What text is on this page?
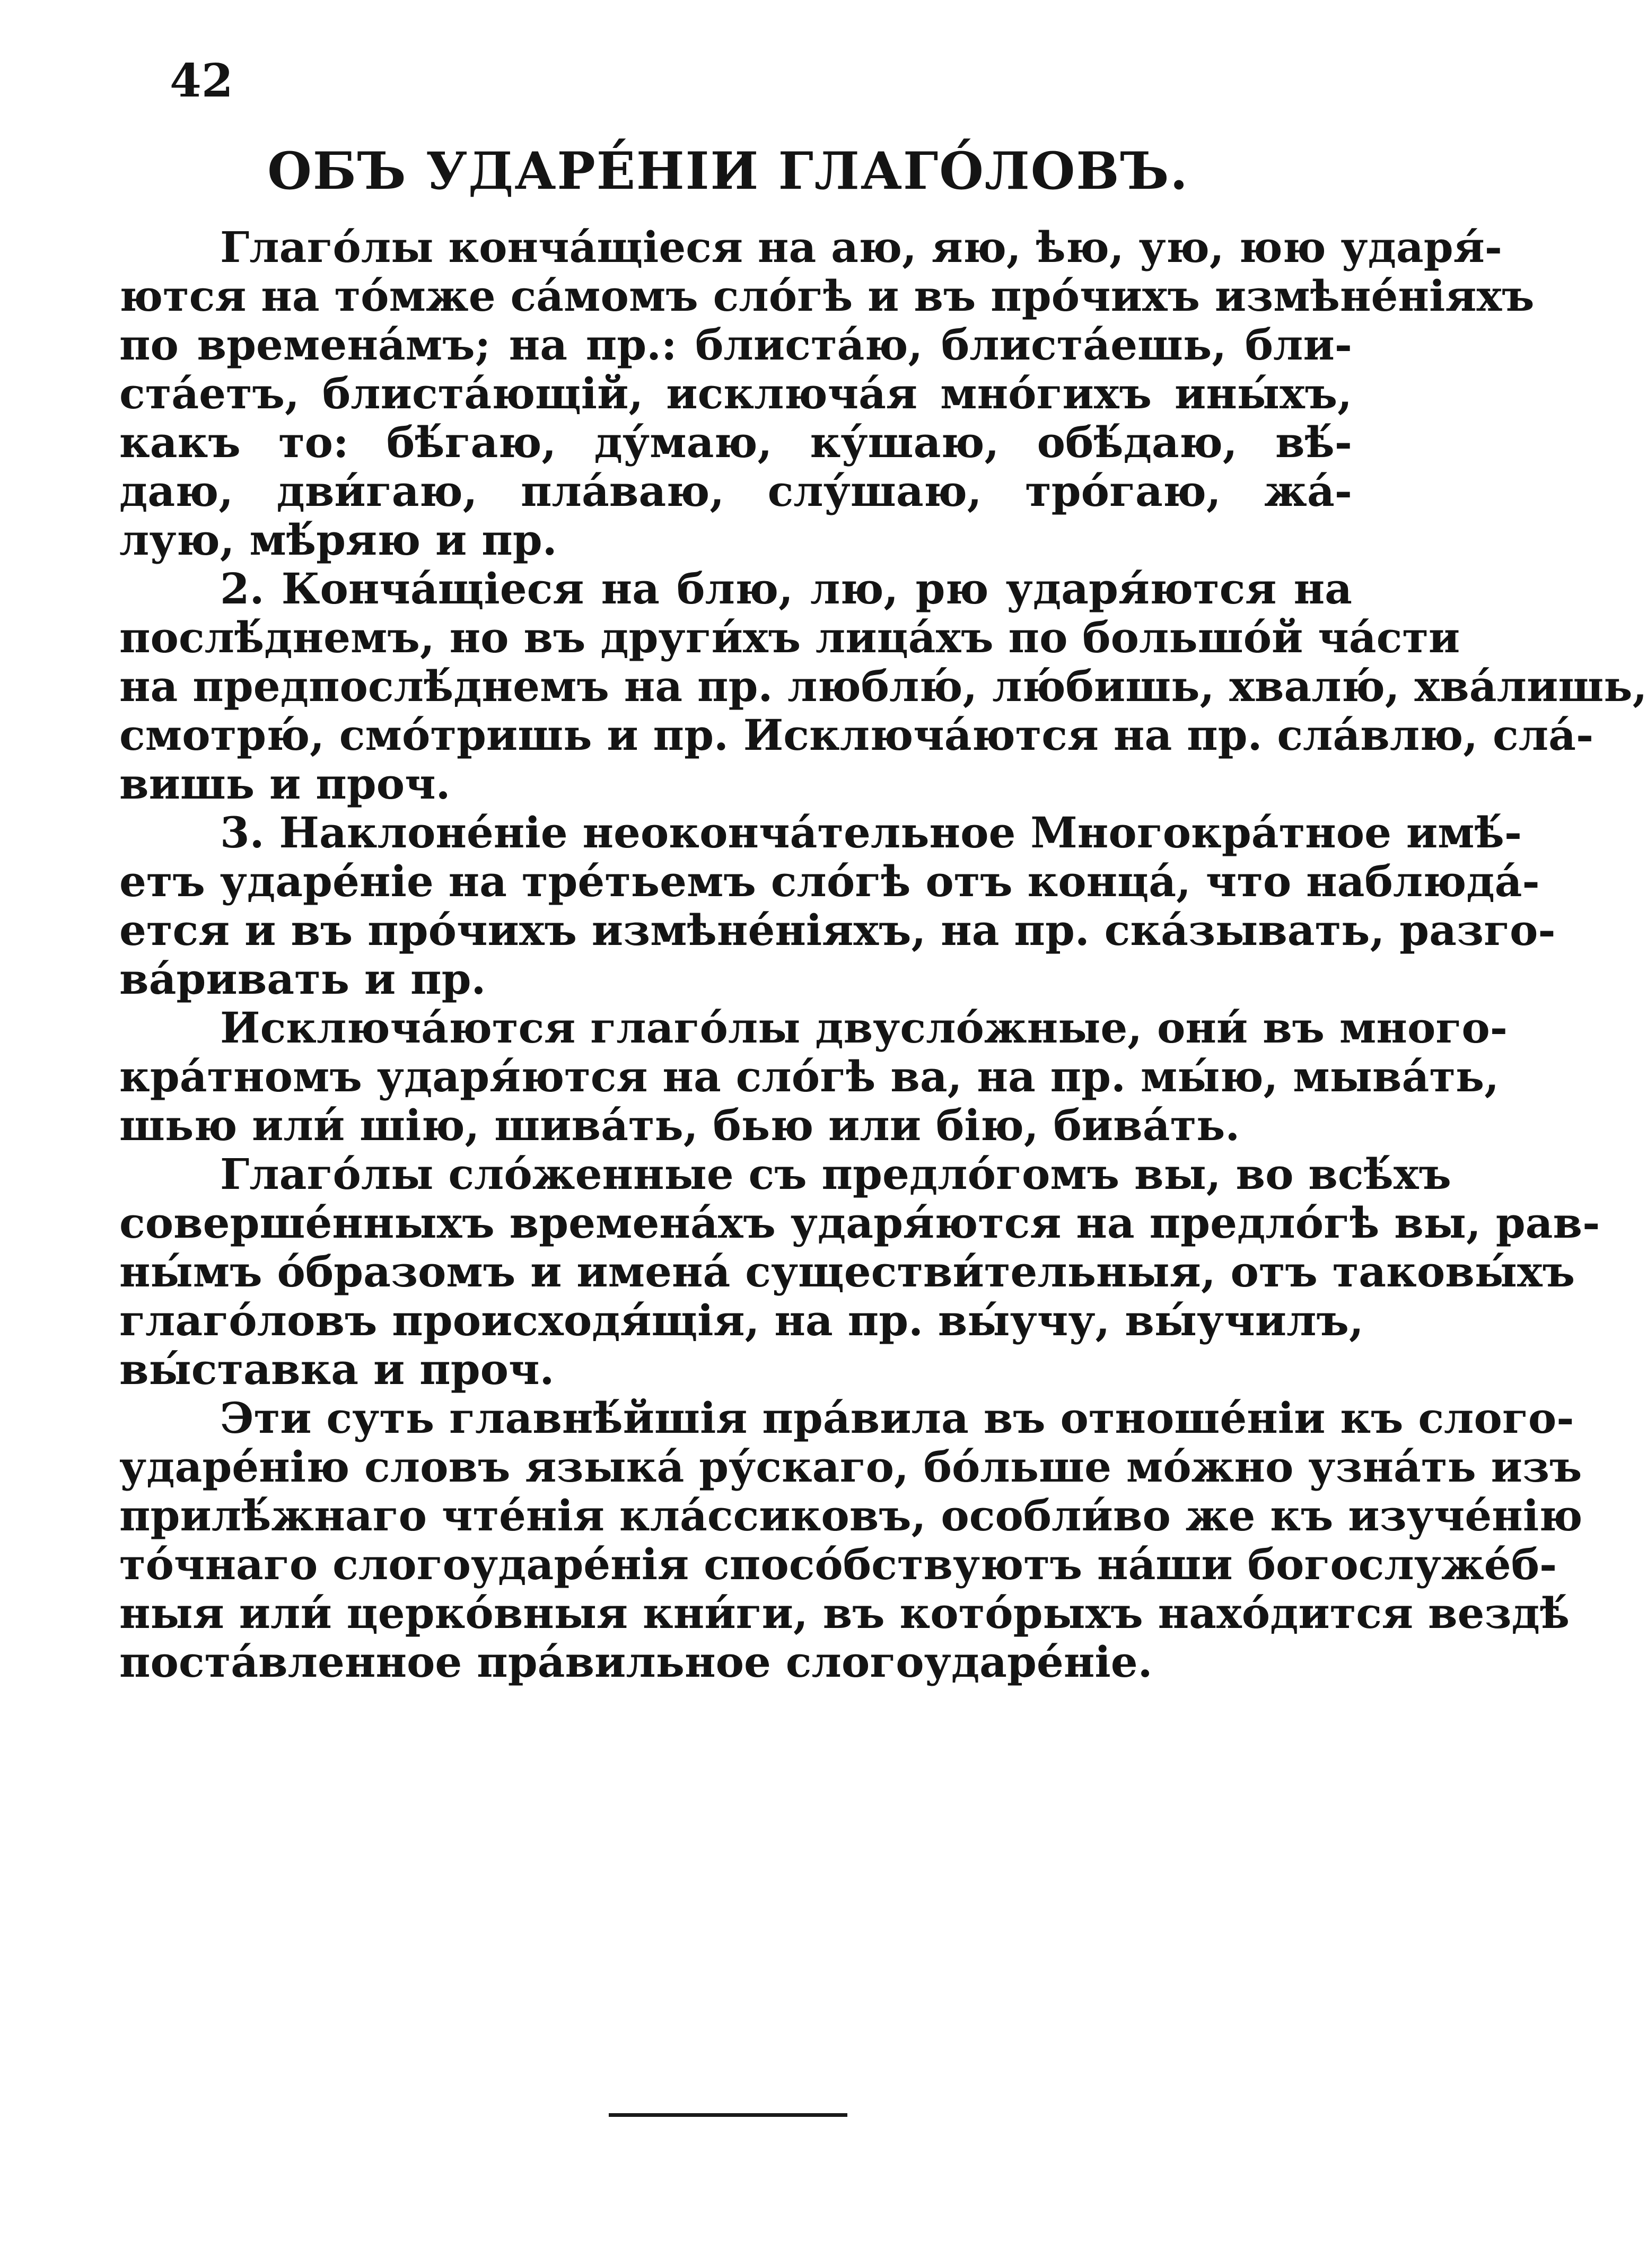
42
ОБЪ УДАРЕ́НІИ ГЛАГО́ЛОВЪ.

Глаго́лы конча́щіеся на аю, яю, ѣю, ую, юю ударя́-
ются на то́мже са́момъ сло́гѣ и въ про́чихъ измѣне́ніяхъ
по времена́мъ; на пр.: блиста́ю, блиста́ешь, бли-
ста́етъ, блиста́ющій, исключа́я мно́гихъ ины́хъ,
какъ то: бѣ́гаю, ду́маю, ку́шаю, обѣ́даю, вѣ́-
даю, дви́гаю, пла́ваю, слу́шаю, тро́гаю, жа́-
лую, мѣ́ряю и пр.

2. Конча́щіеся на блю, лю, рю ударя́ются на
послѣ́днемъ, но въ други́хъ лица́хъ по большо́й ча́сти
на предпослѣ́днемъ на пр. люблю́, лю́бишь, хвалю́, хва́лишь,
смотрю́, смо́тришь и пр. Исключа́ются на пр. сла́влю, сла́-
вишь и проч.

3. Наклоне́ніе неоконча́тельное Многокра́тное имѣ́-
етъ ударе́ніе на тре́тьемъ сло́гѣ отъ конца́, что наблюда́-
ется и въ про́чихъ измѣне́ніяхъ, на пр. ска́зывать, разго-
ва́ривать и пр.

Исключа́ются глаго́лы двусло́жные, они́ въ много-
кра́тномъ ударя́ются на сло́гѣ ва, на пр. мы́ю, мыва́ть,
шью или́ шію, шива́ть, бью или бію, бива́ть.

Глаго́лы сло́женные съ предло́гомъ вы, во всѣ́хъ
соверше́нныхъ времена́хъ ударя́ются на предло́гѣ вы, рав-
ны́мъ о́бразомъ и имена́ существи́тельныя, отъ таковы́хъ
глаго́ловъ происходя́щія, на пр. вы́учу, вы́училъ,
вы́ставка и проч.

Эти суть главнѣ́йшія пра́вила въ отноше́ніи къ слого-
ударе́нію словъ языка́ ру́скаго, бо́льше мо́жно узна́ть изъ
прилѣ́жнаго чте́нія кла́ссиковъ, особли́во же къ изуче́нію
то́чнаго слогоударе́нія спосо́бствуютъ на́ши богослуже́б-
ныя или́ церко́вныя кни́ги, въ кото́рыхъ нахо́дится вездѣ́
поста́вленное пра́вильное слогоударе́ніе.
